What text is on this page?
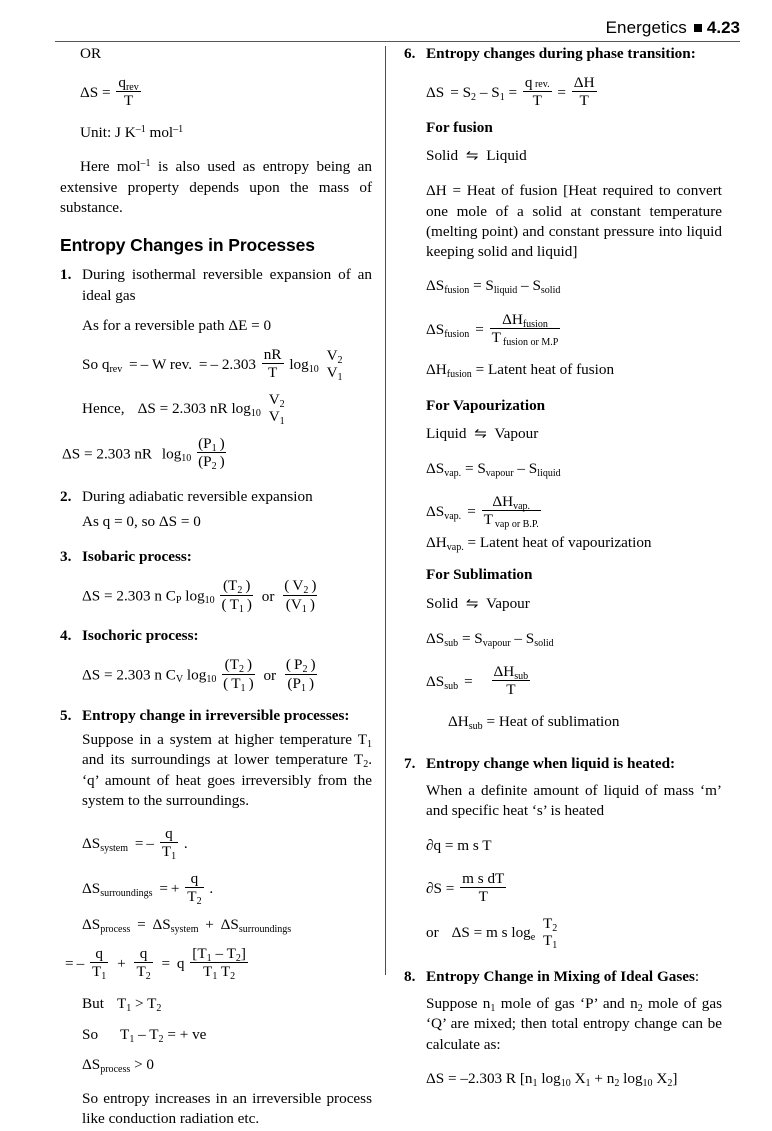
Energetics 4.23
OR
$\Delta S = \frac{q_{rev}}{T}$
Unit: J $K^{-1}$ mol$^{-1}$
Here mol$^{-1}$ is also used as entropy being an extensive property depends upon the mass of substance.
Entropy Changes in Processes
1. During isothermal reversible expansion of an ideal gas
As for a reversible path ΔE = 0
So $q_{rev}$ = – W rev. = – $2.303 \frac{nR}{T} \log_{10}$
$V_2$
$V_1$
Hence, ΔS = 2.303 nR $\log_{10}$
$V_2$
$V_1$
ΔS = 2.303 nR $\log_{10} \frac{(P_1 )}{(P_2 )}$
2. During adiabatic reversible expansion
As q = 0, so ΔS = 0
3. Isobaric process:
ΔS = 2.303 n $C_P$ $\log_{10} \frac{(T_2 )}{( T_1 )}$ or $\frac{( V_2 )}{(V_1 )}$
4. Isochoric process:
ΔS = 2.303 n $C_V$ $\log_{10} \frac{(T_2 )}{( T_1 )}$ or $\frac{( P_2 )}{(P_1 )}$
5. Entropy change in irreversible processes:
Suppose in a system at higher temperature $T_1$ and its surroundings at lower temperature $T_2$. ‘q’ amount of heat goes irreversibly from the system to the surroundings.
$\Delta S_{system}$ = – $\frac{q}{T_1}$ .
$\Delta S_{surroundings}$ = + $\frac{q}{T_2}$ .
$\Delta S_{process} = \Delta S_{system} + \Delta S_{surroundings}$
= – $\frac{q}{T_1} + \frac{q}{T_2} = q \frac{[T_1 - T_2]}{T_1 T_2}$
But $T_1 > T_2$
So $T_1 - T_2$ = + ve
$\Delta S_{process} > 0$
So entropy increases in an irreversible process like conduction radiation etc.
6. Entropy changes during phase transition:
$\Delta S = S_2 - S_1 = \frac{\text{q rev.}}{T} = \frac{\Delta H}{T}$
For fusion
Solid ⇋ Liquid
ΔH = Heat of fusion [Heat required to convert one mole of a solid at constant temperature (melting point) and constant pressure into liquid keeping solid and liquid]
$\Delta S_{fusion} = S_{liquid} - S_{solid}$
$\Delta S_{fusion} = \frac{\Delta H_{fusion}}{T _{fusion or M.P}}$
$\Delta H_{fusion}$ = Latent heat of fusion
For Vapourization
Liquid ⇋ Vapour
$\Delta S_{vap.} = S_{vapour} - S_{liquid}$
$\Delta S_{vap.} = \frac{\Delta H_{vap.}}{T _{vap or B.P.}}$
$\Delta H_{vap.}$ = Latent heat of vapourization
For Sublimation
Solid ⇋ Vapour
$\Delta S_{sub} = S_{vapour} - S_{solid}$
$\Delta S_{sub} = \frac{\Delta H_{sub}}{T}$
$\Delta H_{sub}$ = Heat of sublimation
7. Entropy change when liquid is heated:
When a definite amount of liquid of mass ‘m’ and specific heat ‘s’ is heated
∂q = m s T
$\partial S = \frac{\text{m s dT}}{T}$
or ΔS = m s $\log_e$
$T_2$
$T_1$
8. Entropy Change in Mixing of Ideal Gases:
Suppose $n_1$ mole of gas ‘P’ and $n_2$ mole of gas ‘Q’ are mixed; then total entropy change can be calculate as:
ΔS = –2.303 R [$n_1$ $\log_{10} X_1 + n_2$ $\log_{10} X_2$]
